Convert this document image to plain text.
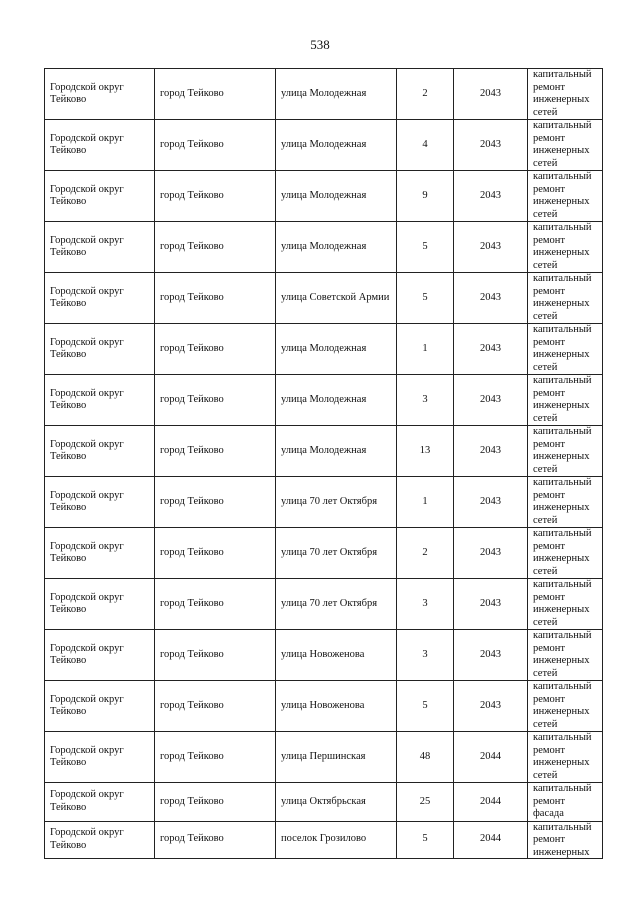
538
Городской округ Тейково	город Тейково	улица Молодежная	2	2043	капитальный ремонт инженерных сетей
Городской округ Тейково	город Тейково	улица Молодежная	4	2043	капитальный ремонт инженерных сетей
Городской округ Тейково	город Тейково	улица Молодежная	9	2043	капитальный ремонт инженерных сетей
Городской округ Тейково	город Тейково	улица Молодежная	5	2043	капитальный ремонт инженерных сетей
Городской округ Тейково	город Тейково	улица Советской Армии	5	2043	капитальный ремонт инженерных сетей
Городской округ Тейково	город Тейково	улица Молодежная	1	2043	капитальный ремонт инженерных сетей
Городской округ Тейково	город Тейково	улица Молодежная	3	2043	капитальный ремонт инженерных сетей
Городской округ Тейково	город Тейково	улица Молодежная	13	2043	капитальный ремонт инженерных сетей
Городской округ Тейково	город Тейково	улица 70 лет Октября	1	2043	капитальный ремонт инженерных сетей
Городской округ Тейково	город Тейково	улица 70 лет Октября	2	2043	капитальный ремонт инженерных сетей
Городской округ Тейково	город Тейково	улица 70 лет Октября	3	2043	капитальный ремонт инженерных сетей
Городской округ Тейково	город Тейково	улица Новоженова	3	2043	капитальный ремонт инженерных сетей
Городской округ Тейково	город Тейково	улица Новоженова	5	2043	капитальный ремонт инженерных сетей
Городской округ Тейково	город Тейково	улица Першинская	48	2044	капитальный ремонт инженерных сетей
Городской округ Тейково	город Тейково	улица Октябрьская	25	2044	капитальный ремонт фасада
Городской округ Тейково	город Тейково	поселок Грозилово	5	2044	капитальный ремонт инженерных
